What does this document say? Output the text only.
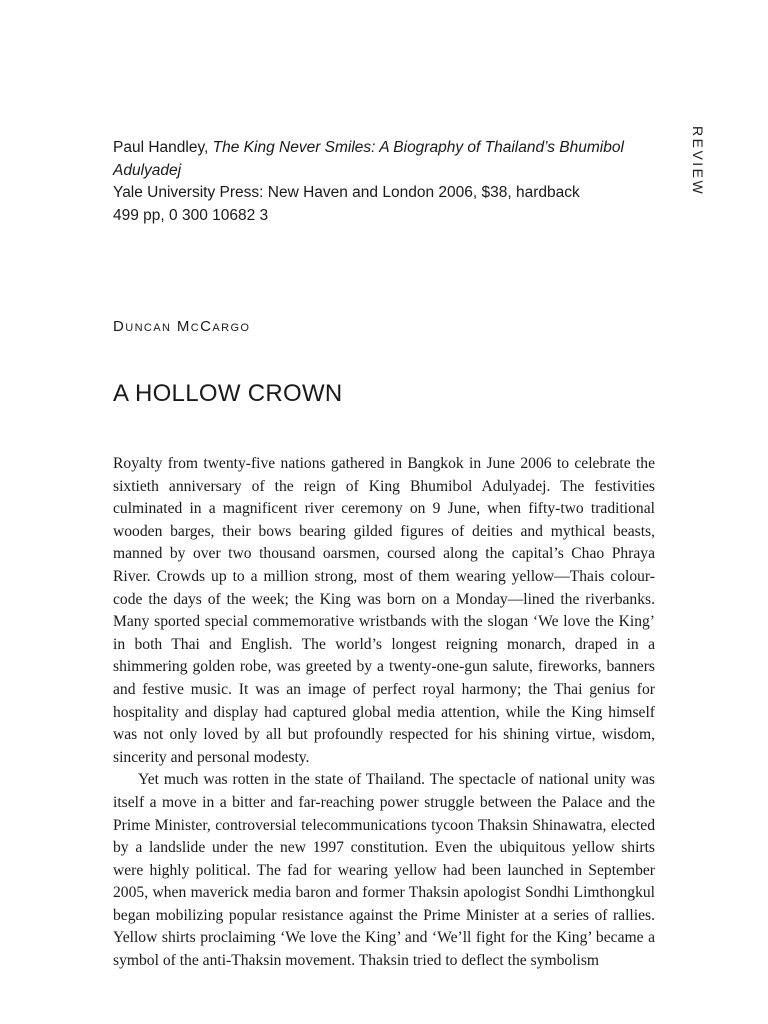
REVIEW
Paul Handley, The King Never Smiles: A Biography of Thailand’s Bhumibol
Adulyadej
Yale University Press: New Haven and London 2006, $38, hardback
499 pp, 0 300 10682 3
Duncan McCargo
A HOLLOW CROWN

Royalty from twenty-five nations gathered in Bangkok in June 2006 to celebrate the sixtieth anniversary of the reign of King Bhumibol Adulyadej. The festivities culminated in a magnificent river ceremony on 9 June, when fifty-two traditional wooden barges, their bows bearing gilded figures of deities and mythical beasts, manned by over two thousand oarsmen, coursed along the capital’s Chao Phraya River. Crowds up to a million strong, most of them wearing yellow—Thais colour-code the days of the week; the King was born on a Monday—lined the riverbanks. Many sported special commemorative wristbands with the slogan ‘We love the King’ in both Thai and English. The world’s longest reigning monarch, draped in a shimmering golden robe, was greeted by a twenty-one-gun salute, fireworks, banners and festive music. It was an image of perfect royal harmony; the Thai genius for hospitality and display had captured global media attention, while the King himself was not only loved by all but profoundly respected for his shining virtue, wisdom, sincerity and personal modesty.

Yet much was rotten in the state of Thailand. The spectacle of national unity was itself a move in a bitter and far-reaching power struggle between the Palace and the Prime Minister, controversial telecommunications tycoon Thaksin Shinawatra, elected by a landslide under the new 1997 constitution. Even the ubiquitous yellow shirts were highly political. The fad for wearing yellow had been launched in September 2005, when maverick media baron and former Thaksin apologist Sondhi Limthongkul began mobilizing popular resistance against the Prime Minister at a series of rallies. Yellow shirts proclaiming ‘We love the King’ and ‘We’ll fight for the King’ became a symbol of the anti-Thaksin movement. Thaksin tried to deflect the symbolism
